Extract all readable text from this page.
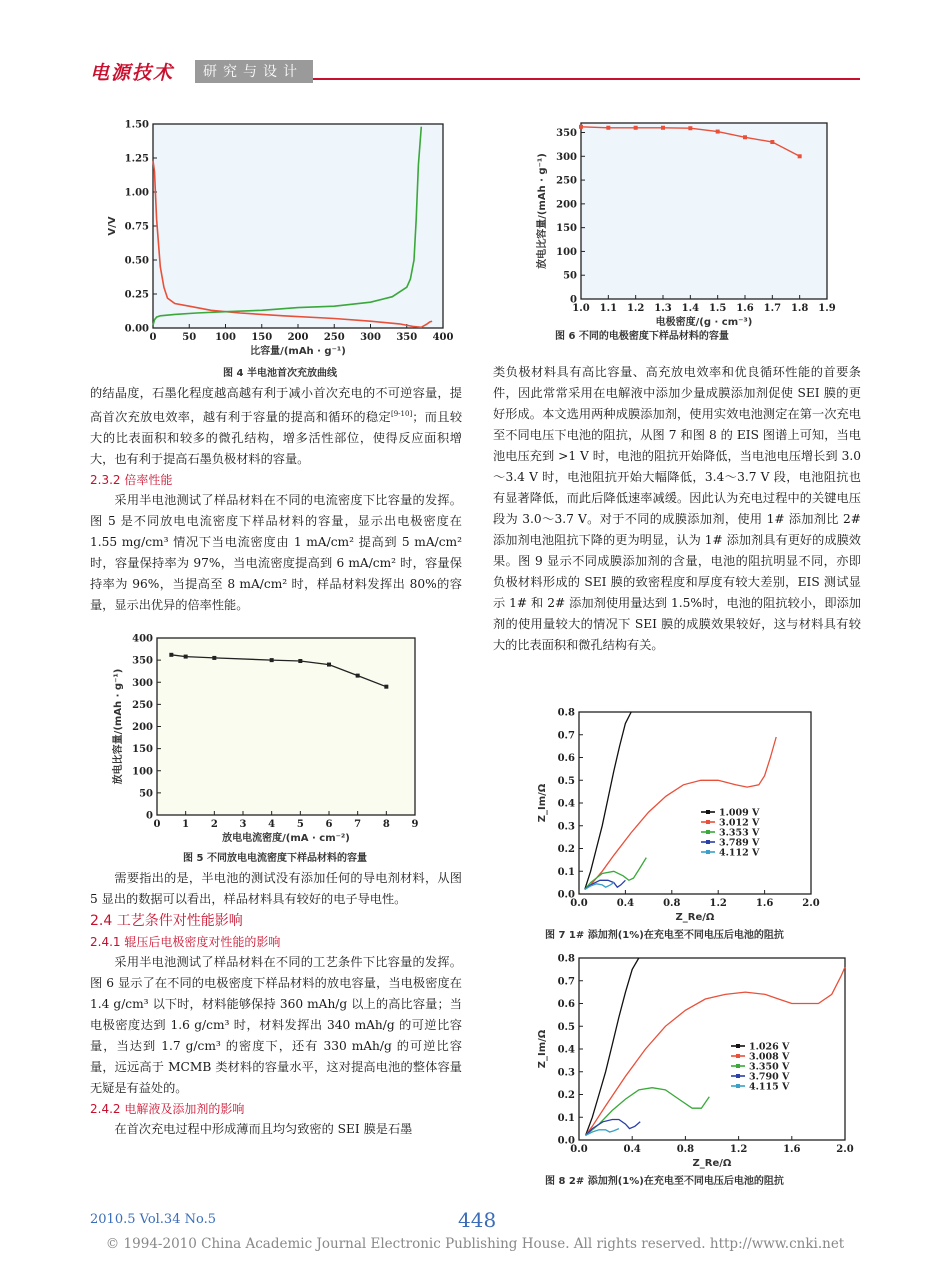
电源技术	研究与设计
0	50 100 150 200 250 300 350 400
0.00
0.25
0.50
0.75
1.00
1.25
1.50
比容量/(mAh · g⁻¹)
V/V
图 4 半电池首次充放曲线

的结晶度，石墨化程度越高越有利于减小首次充电的不可逆容量，提高首次充放电效率，越有利于容量的提高和循环的稳定[9-10]；而且较大的比表面积和较多的微孔结构，增多活性部位，使得反应面积增大，也有利于提高石墨负极材料的容量。

2.3.2 倍率性能

采用半电池测试了样品材料在不同的电流密度下比容量的发挥。图 5 是不同放电电流密度下样品材料的容量，显示出电极密度在 1.55 mg/cm³ 情况下当电流密度由 1 mA/cm² 提高到 5 mA/cm² 时，容量保持率为 97%，当电流密度提高到 6 mA/cm² 时，容量保持率为 96%，当提高至 8 mA/cm² 时，样品材料发挥出 80%的容量，显示出优异的倍率性能。

0 1 2 3 4 5 6 7 8 9
0
50
100
150
200
250
300
350
400
放电电流密度/(mA · cm⁻²)
放电比容量/(mAh · g⁻¹)
图 5 不同放电电流密度下样品材料的容量

需要指出的是，半电池的测试没有添加任何的导电剂材料，从图 5 显出的数据可以看出，样品材料具有较好的电子导电性。

2.4 工艺条件对性能影响

2.4.1 辊压后电极密度对性能的影响

采用半电池测试了样品材料在不同的工艺条件下比容量的发挥。图 6 显示了在不同的电极密度下样品材料的放电容量，当电极密度在 1.4 g/cm³ 以下时，材料能够保持 360 mAh/g 以上的高比容量；当电极密度达到 1.6 g/cm³ 时，材料发挥出 340 mAh/g 的可逆比容量，当达到 1.7 g/cm³ 的密度下，还有 330 mAh/g 的可逆比容量，远远高于 MCMB 类材料的容量水平，这对提高电池的整体容量无疑是有益处的。

2.4.2 电解液及添加剂的影响

在首次充电过程中形成薄而且均匀致密的 SEI 膜是石墨

1.0 1.1 1.2 1.3 1.4 1.5 1.6 1.7 1.8 1.9
0
50
100
150
200
250
300
350
电极密度/(g · cm⁻³)
放电比容量/(mAh · g⁻¹)
图 6 不同的电极密度下样品材料的容量

类负极材料具有高比容量、高充放电效率和优良循环性能的首要条件，因此常常采用在电解液中添加少量成膜添加剂促使 SEI 膜的更好形成。本文选用两种成膜添加剂，使用实效电池测定在第一次充电至不同电压下电池的阻抗，从图 7 和图 8 的 EIS 图谱上可知，当电池电压充到 >1 V 时，电池的阻抗开始降低，当电池电压增长到 3.0～3.4 V 时，电池阻抗开始大幅降低，3.4～3.7 V 段，电池阻抗也有显著降低，而此后降低速率减缓。因此认为充电过程中的关键电压段为 3.0～3.7 V。对于不同的成膜添加剂，使用 1# 添加剂比 2# 添加剂电池阻抗下降的更为明显，认为 1# 添加剂具有更好的成膜效果。图 9 显示不同成膜添加剂的含量，电池的阻抗明显不同，亦即负极材料形成的 SEI 膜的致密程度和厚度有较大差别，EIS 测试显示 1# 和 2# 添加剂使用量达到 1.5%时，电池的阻抗较小，即添加剂的使用量较大的情况下 SEI 膜的成膜效果较好，这与材料具有较大的比表面积和微孔结构有关。

0.0	0.4	0.8	1.2	1.6	2.0
0.0
0.1
0.2
0.3
0.4
0.5
0.6
0.7
0.8
1.009 V
3.012 V
3.353 V
3.789 V
4.112 V
Z_Re/Ω
Z_Im/Ω
图 7 1# 添加剂(1%)在充电至不同电压后电池的阻抗
0.0	0.4	0.8	1.2	1.6	2.0
0.0
0.1
0.2
0.3
0.4
0.5
0.6
0.7
0.8
1.026 V
3.008 V
3.350 V
3.790 V
4.115 V
Z_Re/Ω
Z_Im/Ω
图 8 2# 添加剂(1%)在充电至不同电压后电池的阻抗
2010.5 Vol.34 No.5	448
© 1994-2010 China Academic Journal Electronic Publishing House. All rights reserved. http://www.cnki.net
